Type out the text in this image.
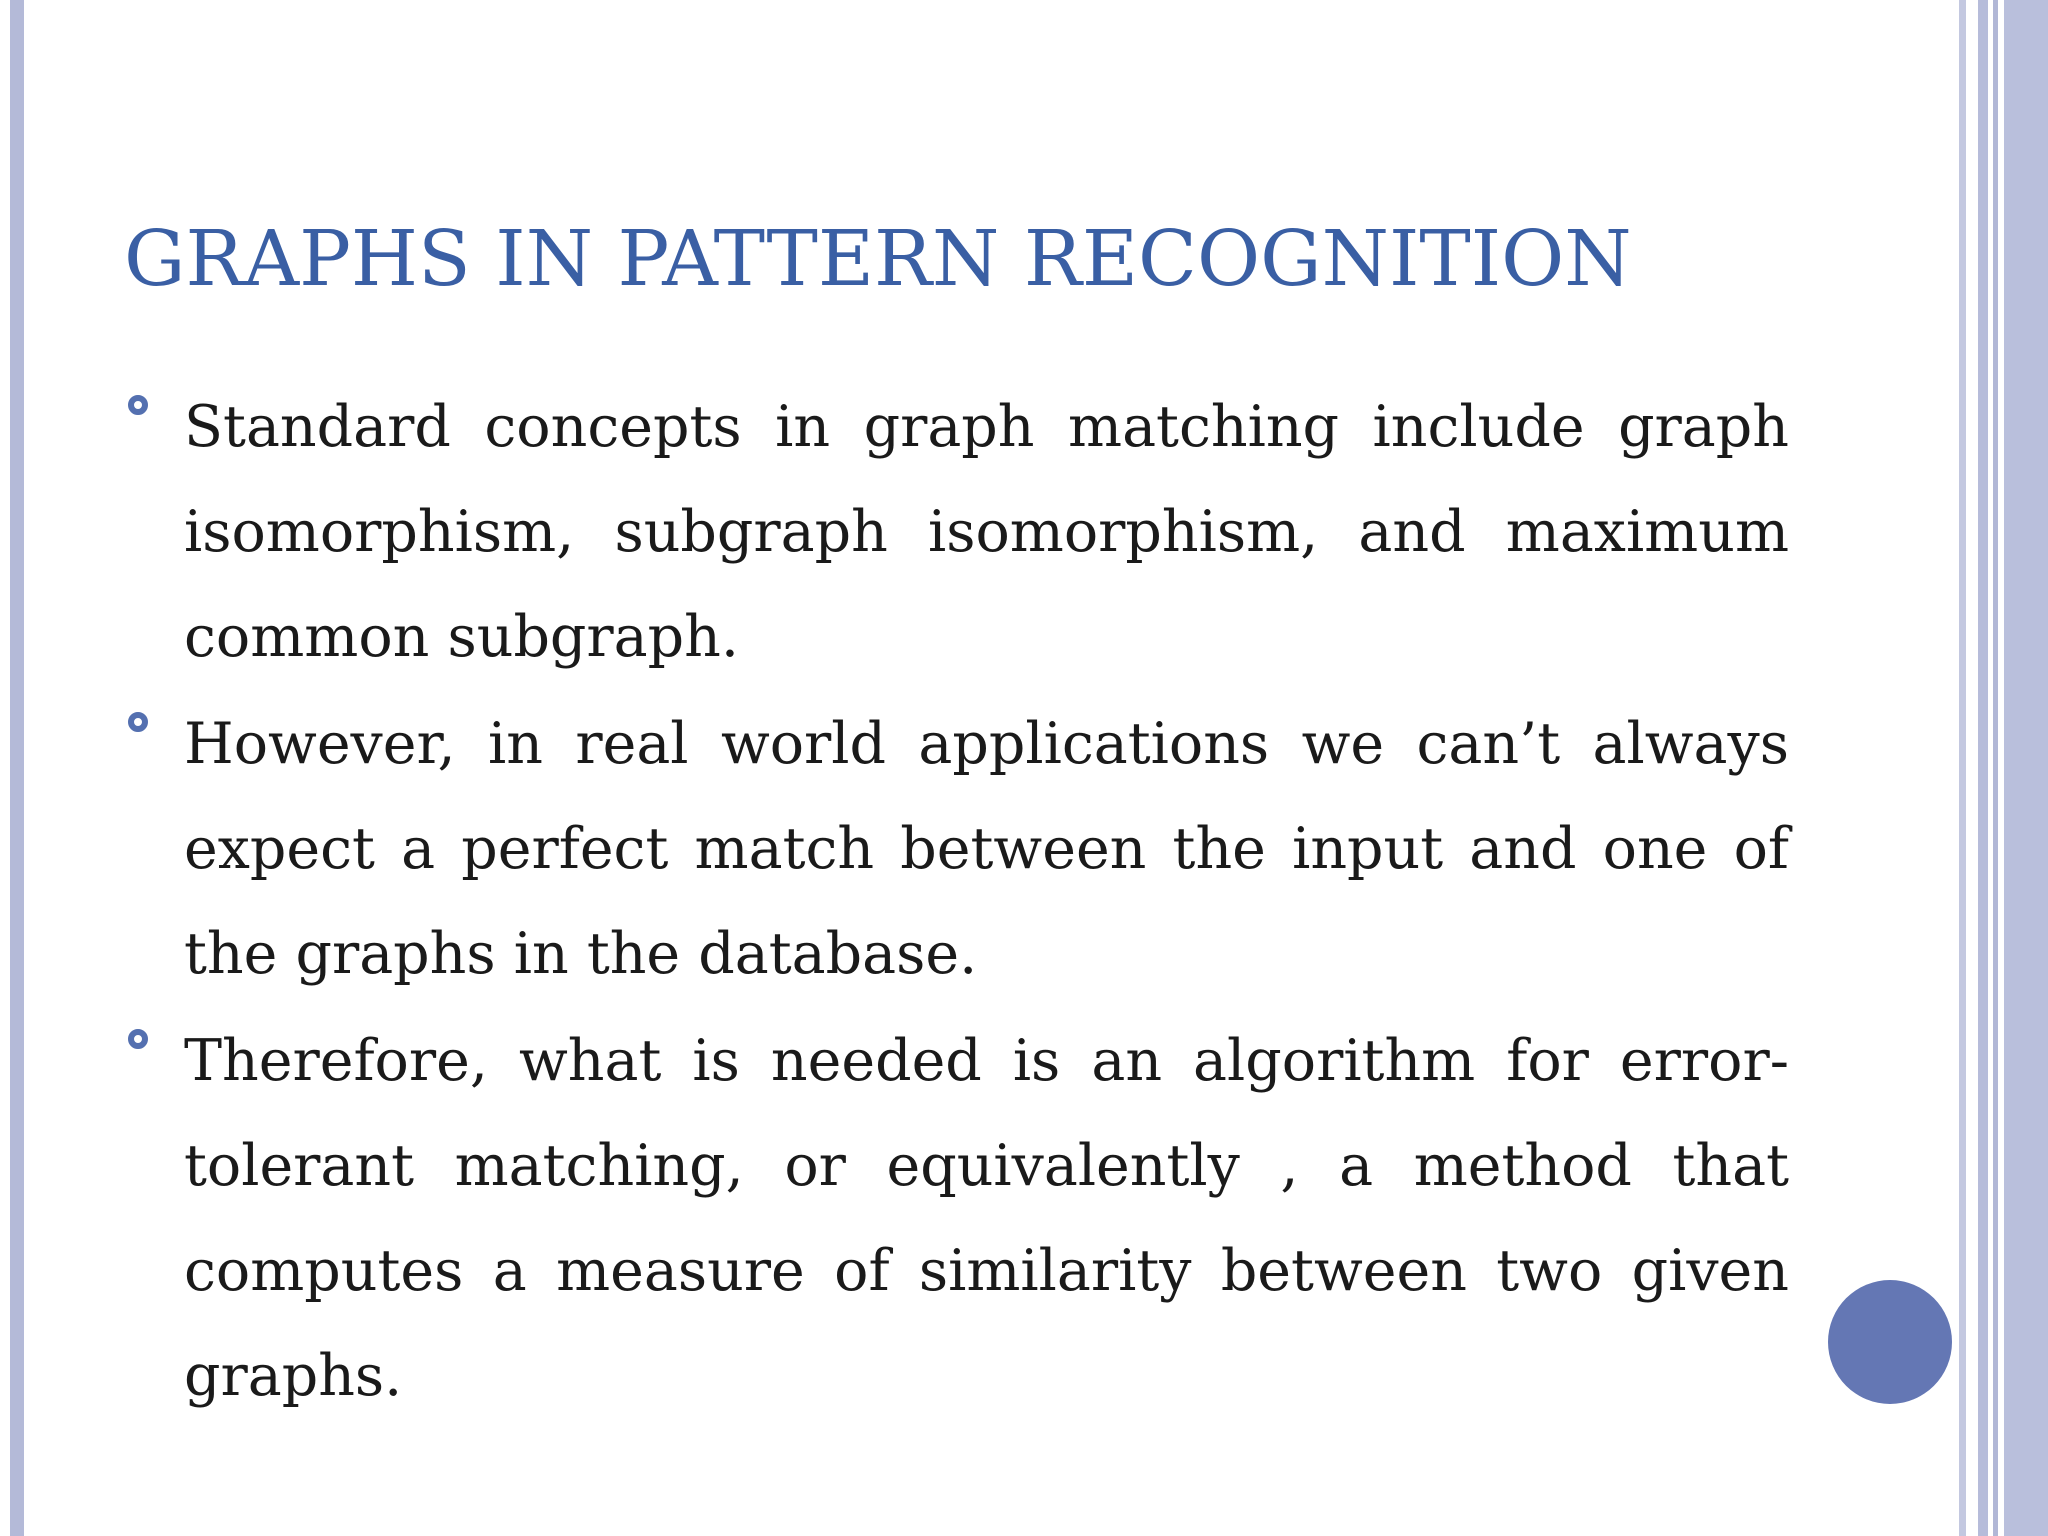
GRAPHS IN PATTERN RECOGNITION
Standard concepts in graph matching include graph isomorphism, subgraph isomorphism, and maximum common subgraph.
However, in real world applications we can’t always expect a perfect match between the input and one of the graphs in the database.
Therefore, what is needed is an algorithm for error-tolerant matching, or equivalently , a method that computes a measure of similarity between two given graphs.
